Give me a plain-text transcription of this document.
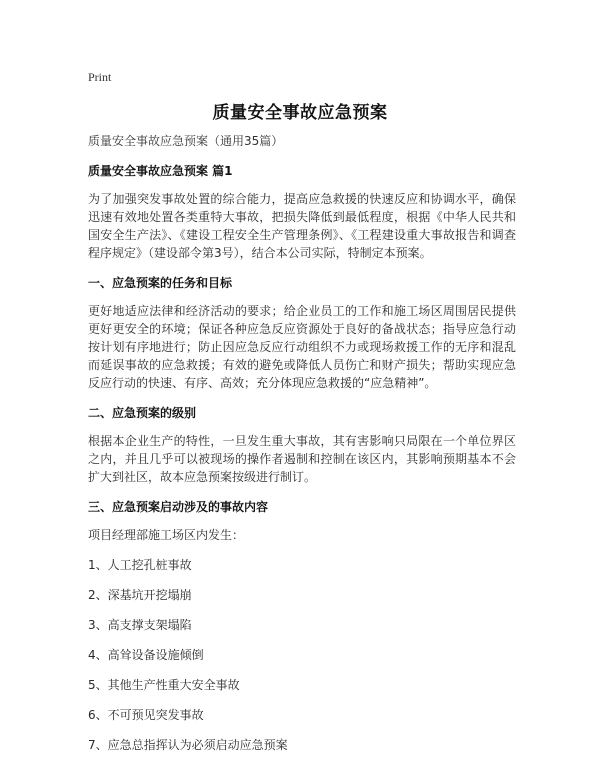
Print
质量安全事故应急预案
质量安全事故应急预案（通用35篇）
质量安全事故应急预案 篇1
为了加强突发事故处置的综合能力，提高应急救援的快速反应和协调水平，确保迅速有效地处置各类重特大事故，把损失降低到最低程度，根据《中华人民共和国安全生产法》、《建设工程安全生产管理条例》、《工程建设重大事故报告和调查程序规定》（建设部令第3号），结合本公司实际，特制定本预案。
一、应急预案的任务和目标
更好地适应法律和经济活动的要求；给企业员工的工作和施工场区周围居民提供更好更安全的环境；保证各种应急反应资源处于良好的备战状态；指导应急行动按计划有序地进行；防止因应急反应行动组织不力或现场救援工作的无序和混乱而延误事故的应急救援；有效的避免或降低人员伤亡和财产损失；帮助实现应急反应行动的快速、有序、高效；充分体现应急救援的“应急精神”。
二、应急预案的级别
根据本企业生产的特性，一旦发生重大事故，其有害影响只局限在一个单位界区之内，并且几乎可以被现场的操作者遏制和控制在该区内，其影响预期基本不会扩大到社区，故本应急预案按级进行制订。
三、应急预案启动涉及的事故内容
项目经理部施工场区内发生：
1、人工挖孔桩事故
2、深基坑开挖塌崩
3、高支撑支架塌陷
4、高耸设备设施倾倒
5、其他生产性重大安全事故
6、不可预见突发事故
7、应急总指挥认为必须启动应急预案
